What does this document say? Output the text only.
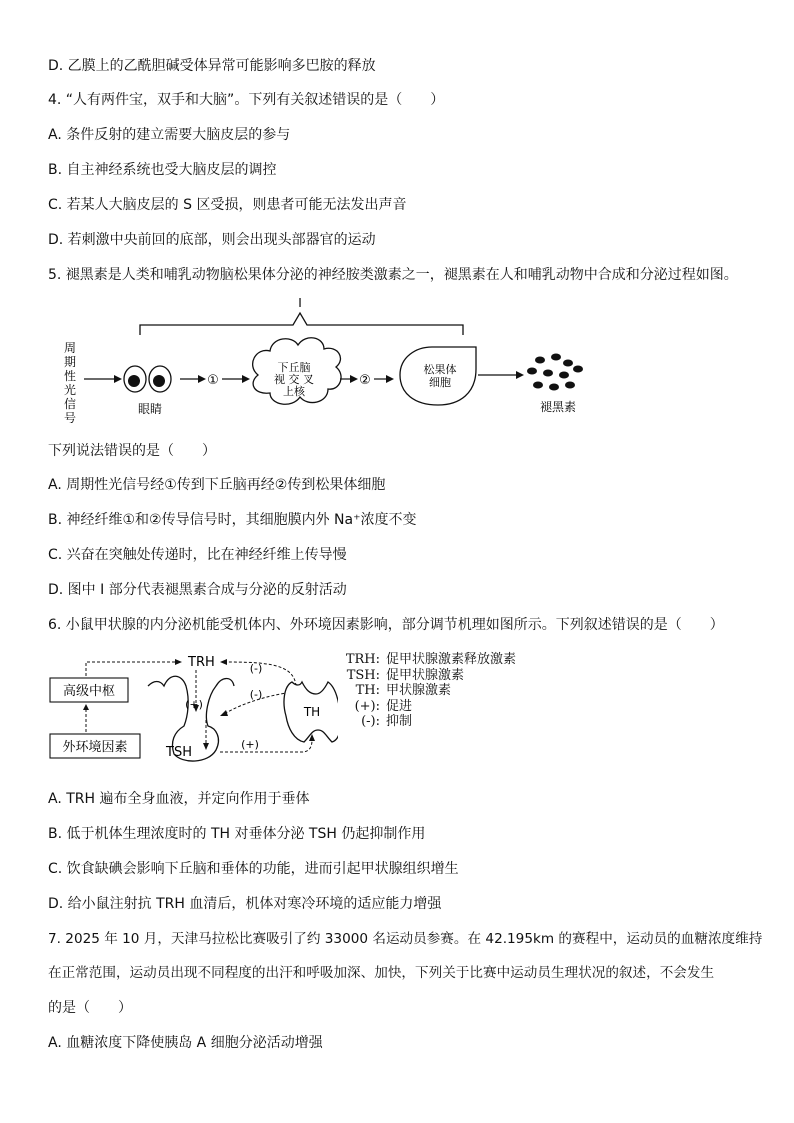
D. 乙膜上的乙酰胆碱受体异常可能影响多巴胺的释放
4. “人有两件宝，双手和大脑”。下列有关叙述错误的是（　　）
A. 条件反射的建立需要大脑皮层的参与
B. 自主神经系统也受大脑皮层的调控
C. 若某人大脑皮层的 S 区受损，则患者可能无法发出声音
D. 若刺激中央前回的底部，则会出现头部器官的运动
5. 褪黑素是人类和哺乳动物脑松果体分泌的神经胺类激素之一，褪黑素在人和哺乳动物中合成和分泌过程如图。
I
周
期
性
光
信
号
眼睛
①
下丘脑
视 交 叉
上核
②
松果体
细胞
褪黑素
下列说法错误的是（　　）
A. 周期性光信号经①传到下丘脑再经②传到松果体细胞
B. 神经纤维①和②传导信号时，其细胞膜内外 Na⁺浓度不变
C. 兴奋在突触处传递时，比在神经纤维上传导慢
D. 图中 I 部分代表褪黑素合成与分泌的反射活动
6. 小鼠甲状腺的内分泌机能受机体内、外环境因素影响，部分调节机理如图所示。下列叙述错误的是（　　）
高级中枢
外环境因素
TRH
(+)
TSH
(-)
(-)
(+)
TH
TRH: 促甲状腺激素释放激素
TSH: 促甲状腺激素
TH: 甲状腺激素
(+): 促进
(-): 抑制
A. TRH 遍布全身血液，并定向作用于垂体
B. 低于机体生理浓度时的 TH 对垂体分泌 TSH 仍起抑制作用
C. 饮食缺碘会影响下丘脑和垂体的功能，进而引起甲状腺组织增生
D. 给小鼠注射抗 TRH 血清后，机体对寒冷环境的适应能力增强
7. 2025 年 10 月，天津马拉松比赛吸引了约 33000 名运动员参赛。在 42.195km 的赛程中，运动员的血糖浓度维持
在正常范围，运动员出现不同程度的出汗和呼吸加深、加快，下列关于比赛中运动员生理状况的叙述，不会发生
的是（　　）
A. 血糖浓度下降使胰岛 A 细胞分泌活动增强
